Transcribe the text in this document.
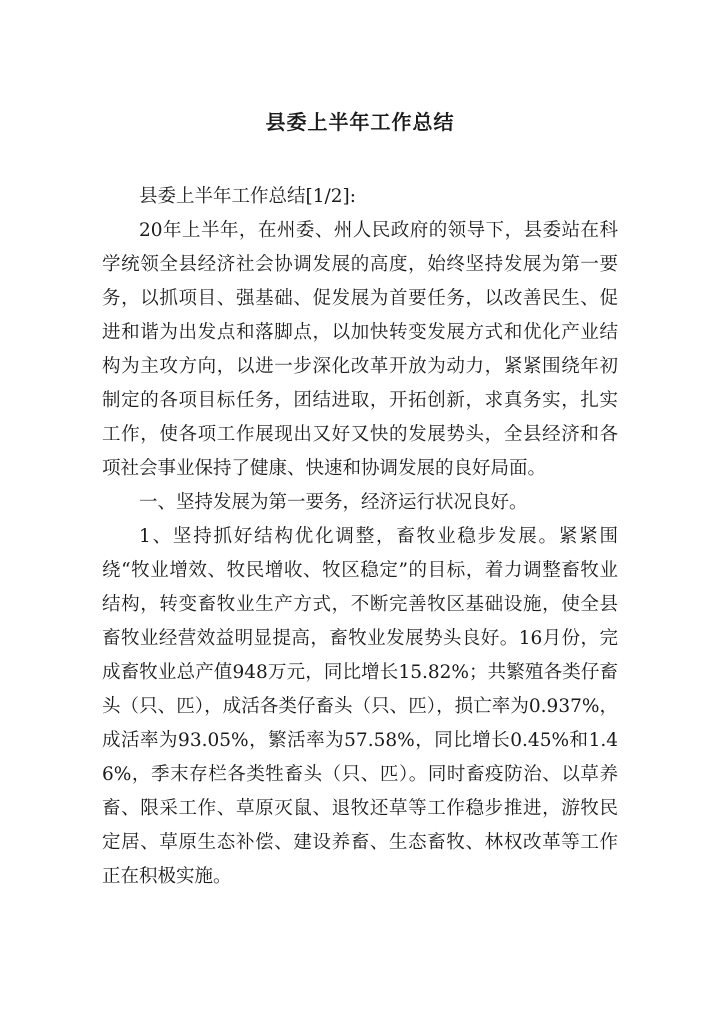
县委上半年工作总结

县委上半年工作总结[1/2]:

20年上半年，在州委、州人民政府的领导下，县委站在科学统领全县经济社会协调发展的高度，始终坚持发展为第一要务，以抓项目、强基础、促发展为首要任务，以改善民生、促进和谐为出发点和落脚点，以加快转变发展方式和优化产业结构为主攻方向，以进一步深化改革开放为动力，紧紧围绕年初制定的各项目标任务，团结进取，开拓创新，求真务实，扎实工作，使各项工作展现出又好又快的发展势头，全县经济和各项社会事业保持了健康、快速和协调发展的良好局面。

一、坚持发展为第一要务，经济运行状况良好。

1、坚持抓好结构优化调整，畜牧业稳步发展。紧紧围绕“牧业增效、牧民增收、牧区稳定”的目标，着力调整畜牧业结构，转变畜牧业生产方式，不断完善牧区基础设施，使全县畜牧业经营效益明显提高，畜牧业发展势头良好。16月份，完成畜牧业总产值948万元，同比增长15.82%；共繁殖各类仔畜头（只、匹），成活各类仔畜头（只、匹），损亡率为0.937%，成活率为93.05%，繁活率为57.58%，同比增长0.45%和1.46%，季末存栏各类牲畜头（只、匹）。同时畜疫防治、以草养畜、限采工作、草原灭鼠、退牧还草等工作稳步推进，游牧民定居、草原生态补偿、建设养畜、生态畜牧、林权改革等工作正在积极实施。
